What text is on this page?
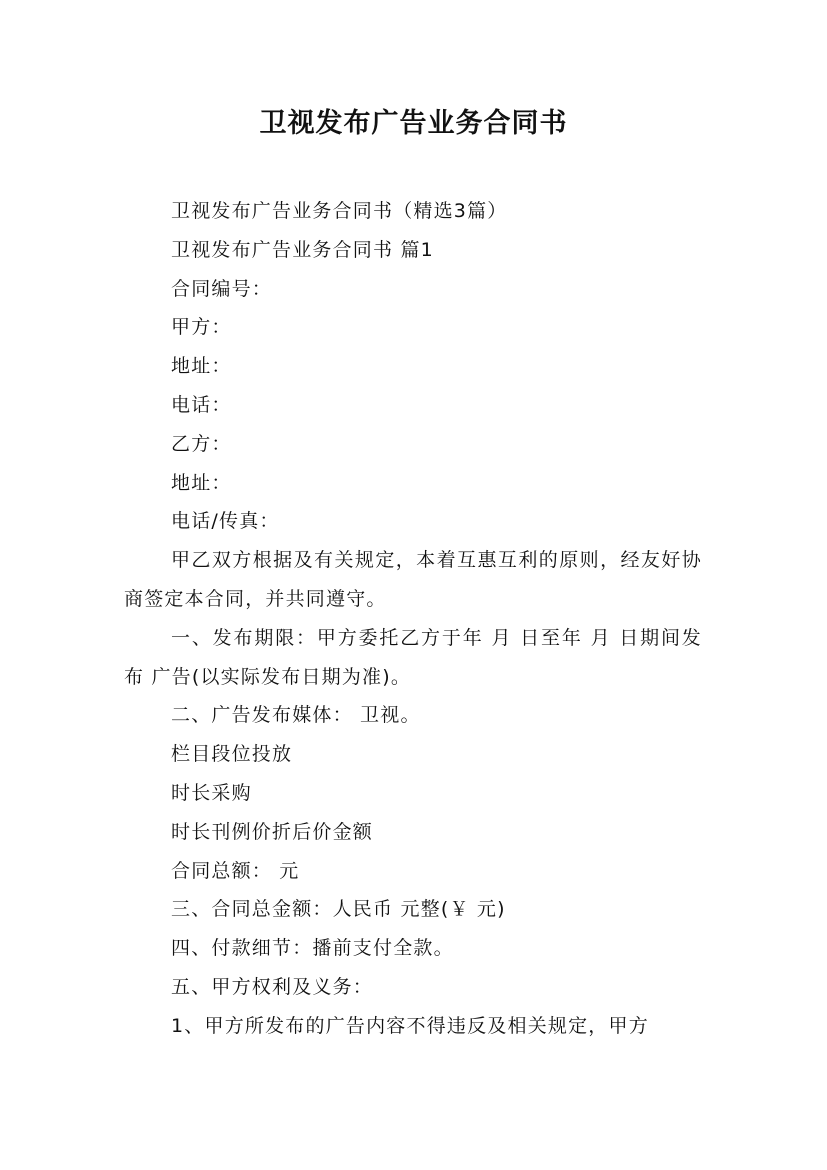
卫视发布广告业务合同书

卫视发布广告业务合同书（精选3篇）

卫视发布广告业务合同书 篇1

合同编号：

甲方：

地址：

电话：

乙方：

地址：

电话/传真：

甲乙双方根据及有关规定，本着互惠互利的原则，经友好协商签定本合同，并共同遵守。

一、发布期限：甲方委托乙方于年 月 日至年 月 日期间发布 广告(以实际发布日期为准)。

二、广告发布媒体： 卫视。

栏目段位投放

时长采购

时长刊例价折后价金额

合同总额： 元

三、合同总金额：人民币 元整(￥ 元)

四、付款细节：播前支付全款。

五、甲方权利及义务：

1、甲方所发布的广告内容不得违反及相关规定，甲方
